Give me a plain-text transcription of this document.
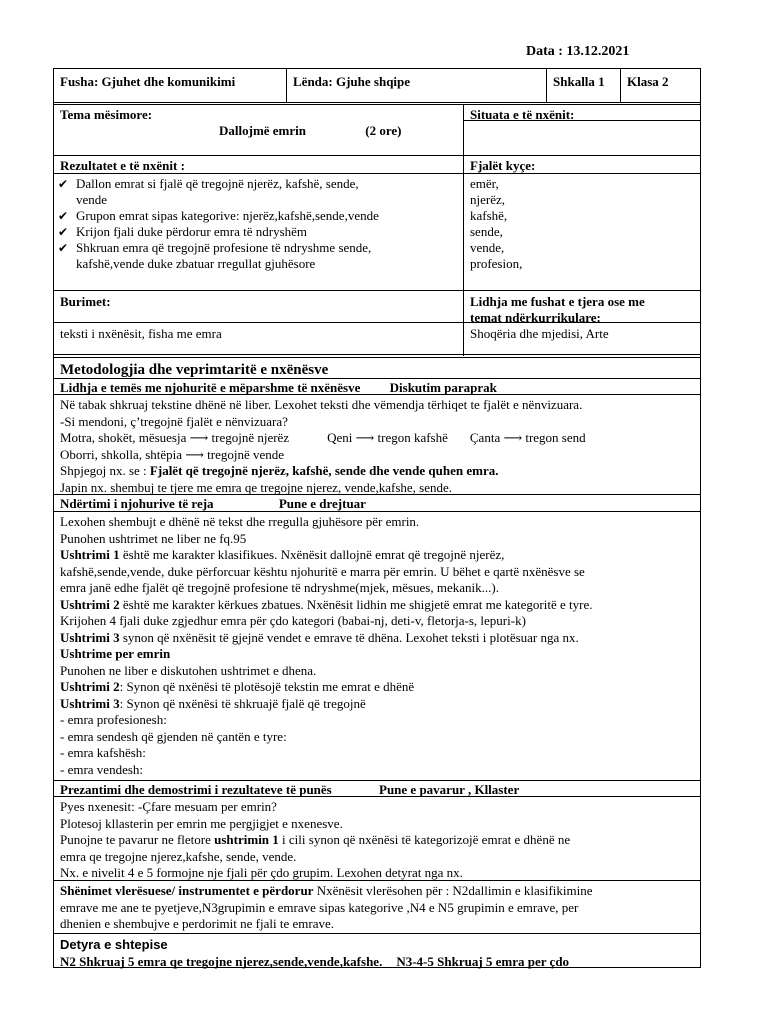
Data : 13.12.2021
Fusha: Gjuhet dhe komunikimi	Lënda: Gjuhe shqipe	Shkalla 1	Klasa 2
Tema mësimore:
Dallojmë emrin	(2 ore)
Situata e të nxënit:
Rezultatet e të nxënit :
✔ Dallon emrat si fjalë që tregojnë njerëz, kafshë, sende,
vende
✔ Grupon emrat sipas kategorive: njerëz,kafshë,sende,vende
✔ Krijon fjali duke përdorur emra të ndryshëm
✔ Shkruan emra që tregojnë profesione të ndryshme sende,
kafshë,vende duke zbatuar rregullat gjuhësore
Fjalët kyçe:
emër,
njerëz,
kafshë,
sende,
vende,
profesion,
Burimet:	Lidhja me fushat e tjera ose me
temat ndërkurrikulare:
teksti i nxënësit, fisha me emra	Shoqëria dhe mjedisi, Arte
Metodologjia dhe veprimtaritë e nxënësve
Lidhja e temës me njohuritë e mëparshme të nxënësve Diskutim paraprak
Në tabak shkruaj tekstine dhënë në liber. Lexohet teksti dhe vëmendja tërhiqet te fjalët e nënvizuara.
-Si mendoni, ç’tregojnë fjalët e nënvizuara?
Motra, shokët, mësuesja ⟶ tregojnë njerëz	Qeni ⟶ tregon kafshë Çanta ⟶ tregon send
Oborri, shkolla, shtëpia ⟶ tregojnë vende
Shpjegoj nx. se : Fjalët që tregojnë njerëz, kafshë, sende dhe vende quhen emra.
Japin nx. shembuj te tjere me emra qe tregojne njerez, vende,kafshe, sende.
Ndërtimi i njohurive të reja	Pune e drejtuar
Lexohen shembujt e dhënë në tekst dhe rregulla gjuhësore për emrin.
Punohen ushtrimet ne liber ne fq.95
Ushtrimi 1 është me karakter klasifikues. Nxënësit dallojnë emrat që tregojnë njerëz,
kafshë,sende,vende, duke përforcuar kështu njohuritë e marra për emrin. U bëhet e qartë nxënësve se
emra janë edhe fjalët që tregojnë profesione të ndryshme(mjek, mësues, mekanik...).
Ushtrimi 2 është me karakter kërkues zbatues. Nxënësit lidhin me shigjetë emrat me kategoritë e tyre.
Krijohen 4 fjali duke zgjedhur emra për çdo kategori (babai-nj, deti-v, fletorja-s, lepuri-k)
Ushtrimi 3 synon që nxënësit të gjejnë vendet e emrave të dhëna. Lexohet teksti i plotësuar nga nx.
Ushtrime per emrin
Punohen ne liber e diskutohen ushtrimet e dhena.
Ushtrimi 2: Synon që nxënësi të plotësojë tekstin me emrat e dhënë
Ushtrimi 3: Synon që nxënësi të shkruajë fjalë që tregojnë
- emra profesionesh:
- emra sendesh që gjenden në çantën e tyre:
- emra kafshësh:
- emra vendesh:
Prezantimi dhe demostrimi i rezultateve të punës	Pune e pavarur , Kllaster
Pyes nxenesit: -Çfare mesuam per emrin?
Plotesoj kllasterin per emrin me pergjigjet e nxenesve.
Punojne te pavarur ne fletore ushtrimin 1 i cili synon që nxënësi të kategorizojë emrat e dhënë ne
emra qe tregojne njerez,kafshe, sende, vende.
Nx. e nivelit 4 e 5 formojne nje fjali për çdo grupim. Lexohen detyrat nga nx.
Shënimet vlerësuese/ instrumentet e përdorur Nxënësit vlerësohen për : N2dallimin e klasifikimine
emrave me ane te pyetjeve,N3grupimin e emrave sipas kategorive ,N4 e N5 grupimin e emrave, per
dhenien e shembujve e perdorimit ne fjali te emrave.
Detyra e shtepise
N2 Shkruaj 5 emra qe tregojne njerez,sende,vende,kafshe. N3-4-5 Shkruaj 5 emra per çdo
